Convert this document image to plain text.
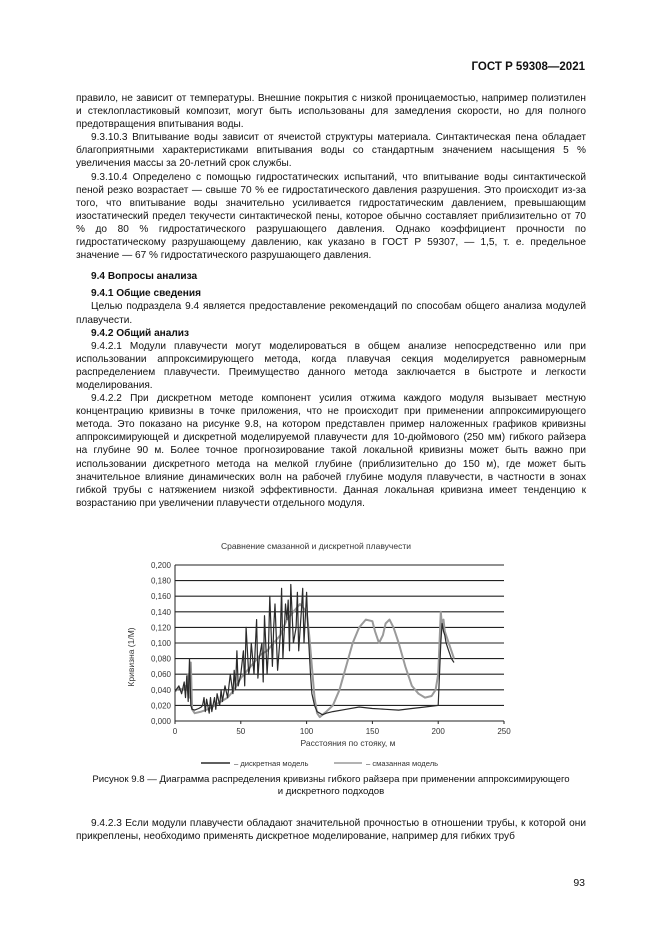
ГОСТ Р 59308—2021

правило, не зависит от температуры. Внешние покрытия с низкой проницаемостью, например полиэтилен и стеклопластиковый композит, могут быть использованы для замедления скорости, но для полного предотвращения впитывания воды.

9.3.10.3 Впитывание воды зависит от ячеистой структуры материала. Синтактическая пена обладает благоприятными характеристиками впитывания воды со стандартным значением насыщения 5 % увеличения массы за 20-летний срок службы.

9.3.10.4 Определено с помощью гидростатических испытаний, что впитывание воды синтактической пеной резко возрастает — свыше 70 % ее гидростатического давления разрушения. Это происходит из-за того, что впитывание воды значительно усиливается гидростатическим давлением, превышающим изостатический предел текучести синтактической пены, которое обычно составляет приблизительно от 70 % до 80 % гидростатического разрушающего давления. Однако коэффициент прочности по гидростатическому разрушающему давлению, как указано в ГОСТ Р 59307, — 1,5, т. е. предельное значение — 67 % гидростатического разрушающего давления.

9.4 Вопросы анализа

9.4.1 Общие сведения

Целью подраздела 9.4 является предоставление рекомендаций по способам общего анализа модулей плавучести.

9.4.2 Общий анализ

9.4.2.1 Модули плавучести могут моделироваться в общем анализе непосредственно или при использовании аппроксимирующего метода, когда плавучая секция моделируется равномерным распределением плавучести. Преимущество данного метода заключается в быстроте и легкости моделирования.

9.4.2.2 При дискретном методе компонент усилия отжима каждого модуля вызывает местную концентрацию кривизны в точке приложения, что не происходит при применении аппроксимирующего метода. Это показано на рисунке 9.8, на котором представлен пример наложенных графиков кривизны аппроксимирующей и дискретной моделируемой плавучести для 10-дюймового (250 мм) гибкого райзера на глубине 90 м. Более точное прогнозирование такой локальной кривизны может быть важно при использовании дискретного метода на мелкой глубине (приблизительно до 150 м), где может быть значительное влияние динамических волн на рабочей глубине модуля плавучести, в частности в зонах гибкой трубы с натяжением низкой эффективности. Данная локальная кривизна имеет тенденцию к возрастанию при увеличении плавучести отдельного модуля.

Сравнение смазанной и дискретной плавучести
Кривизна (1/М)
Расстояния по стояку, м
0,000
0,020
0,040
0,060
0,080
0,100
0,120
0,140
0,160
0,180
0,200
0	50	100	150	200	250
– дискретная модель	– смазанная модель
Рисунок 9.8 — Диаграмма распределения кривизны гибкого райзера при применении аппроксимирующего
и дискретного подходов

9.4.2.3 Если модули плавучести обладают значительной прочностью в отношении трубы, к которой они прикреплены, необходимо применять дискретное моделирование, например для гибких труб

93
